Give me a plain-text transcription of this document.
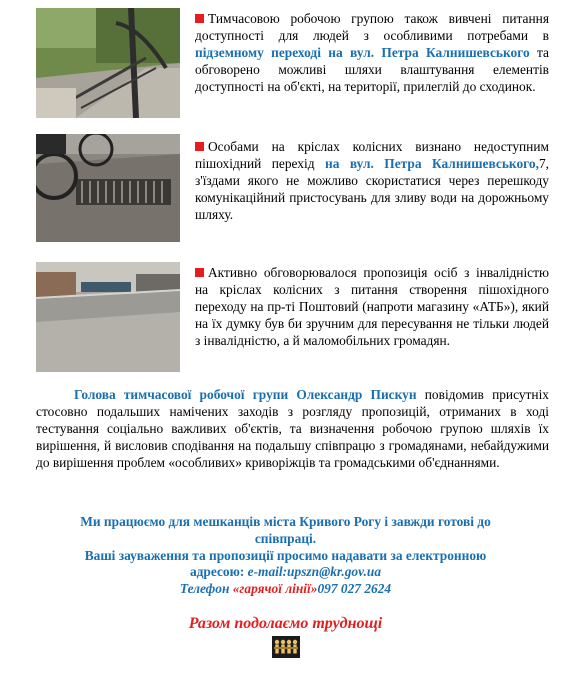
Тимчасовою робочою групою також вивчені питання доступності для людей з особливими потребами в підземному переході на вул. Петра Калнишевського та обговорено можливі шляхи влаштування елементів доступності на об'єкті, на території, прилеглій до сходинок.
Особами на кріслах колісних визнано недоступним пішохідний перехід на вул. Петра Калнишевського,7, з'їздами якого не можливо скористатися через перешкоду комунікаційний пристосувань для зливу води на дорожньому шляху.
Активно обговорювалося пропозиція осіб з інвалідністю на кріслах колісних з питання створення пішохідного переходу на пр-ті Поштовий (напроти магазину «АТБ»), який на їх думку був би зручним для пересування не тільки людей з інвалідністю, а й маломобільних громадян.
Голова тимчасової робочої групи Олександр Пискун повідомив присутніх стосовно подальших намічених заходів з розгляду пропозицій, отриманих в ході тестування соціально важливих об'єктів, та визначення робочою групою шляхів їх вирішення, й висловив сподівання на подальшу співпрацю з громадянами, небайдужими до вирішення проблем «особливих» криворіжців та громадськими об'єднаннями.
Ми працюємо для мешканців міста Кривого Рогу і завжди готові до
співпраці.
Ваші зауваження та пропозиції просимо надавати за електронною
адресою: e-mail:upszn@kr.gov.ua
Телефон «гарячої лінії»097 027 2624
Разом подолаємо труднощі
